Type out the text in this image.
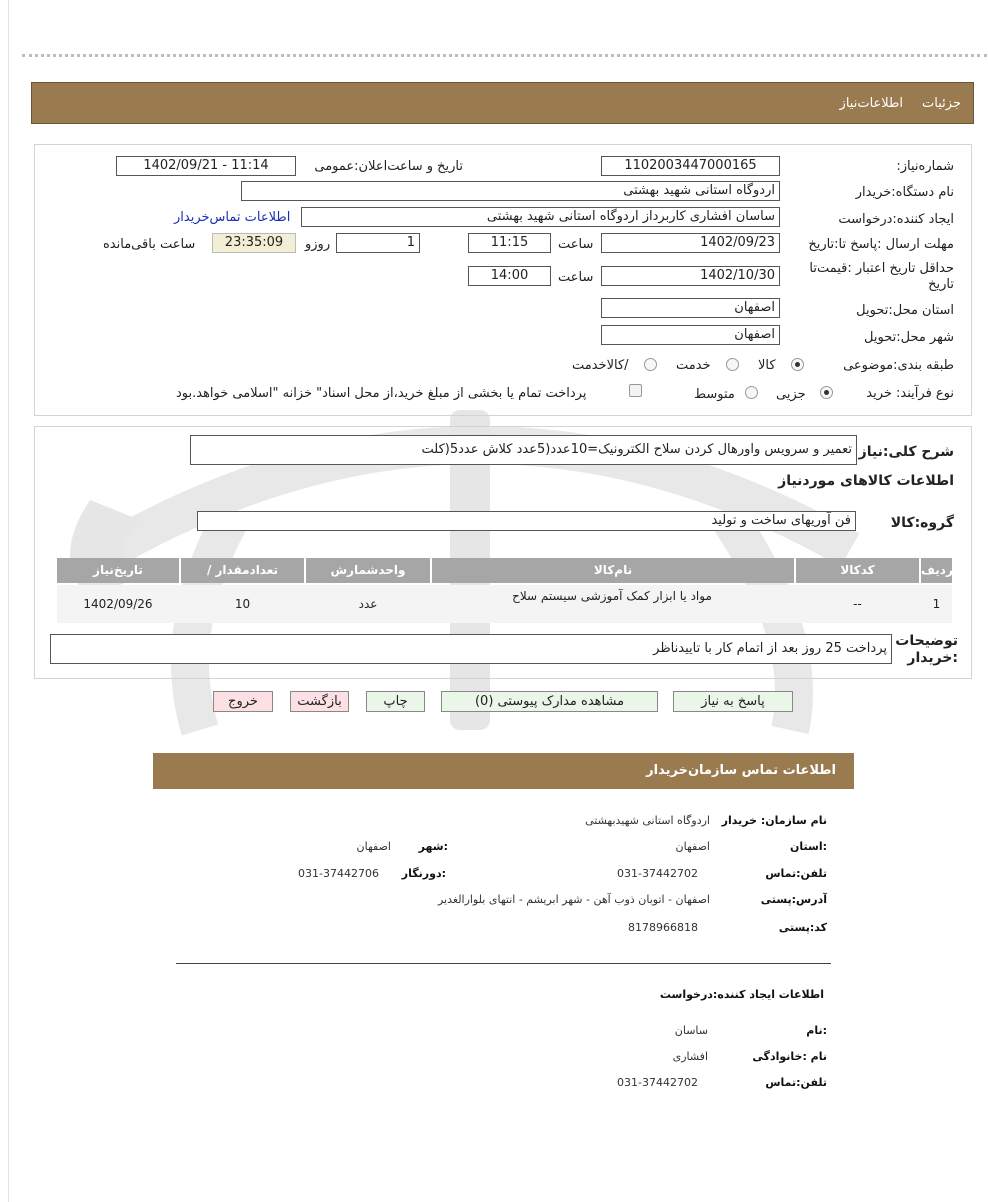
جزئیات
اطلاعات‌نیاز
شماره‌نیاز:
1102003447000165
تاریخ و ساعت‌اعلان:عمومی
1402/09/21 - 11:14
نام دستگاه:خریدار
اردوگاه استانی شهید بهشتی
ایجاد کننده:درخواست
ساسان افشاری کاربرداز اردوگاه استانی شهید بهشتی
اطلاعات تماس‌خریدار
مهلت ارسال :پاسخ تا:تاریخ
1402/09/23
ساعت
11:15
1
روزو
23:35:09
ساعت باقی‌مانده
حداقل تاریخ اعتبار :قیمت‌تا تاریخ
1402/10/30
ساعت
14:00
استان محل:تحویل
اصفهان
شهر محل:تحویل
اصفهان
طبقه بندی:موضوعی
کالا
خدمت
/کالاخدمت
نوع فرآیند: خرید
جزیی
متوسط
پرداخت تمام یا بخشی از مبلغ خرید،از محل اسناد" خزانه "اسلامی خواهد.بود
شرح کلی:نیاز
تعمیر و سرویس واورهال کردن سلاح الکترونیک=10عدد(5عدد کلاش عدد5(کلت
اطلاعات کالاهای موردنیاز
گروه:کالا
فن آوریهای ساخت و تولید
ردیف
کدکالا
نام‌کالا
واحدشمارش
/ تعدادمقدار
تاریخ‌نیاز
1
--
مواد یا ابزار کمک آموزشی سیستم سلاح
عدد
10
1402/09/26
توضیحات :خریدار
پرداخت 25 روز بعد از اتمام کار با تاییدناظر
پاسخ به نیاز
مشاهده مدارک پیوستی (0)
چاپ
بازگشت
خروج
اطلاعات تماس سازمان‌خریدار
نام سازمان: خریدار
اردوگاه استانی شهیدبهشتی
:استان
اصفهان
:شهر
اصفهان
تلفن:تماس
031-37442702
:دورنگار
031-37442706
آدرس:پستی
اصفهان - اتوبان ذوب آهن - شهر ابریشم - انتهای بلوارالغدیر
کد:پستی
8178966818
اطلاعات ایجاد کننده:درخواست
:نام
ساسان
نام :خانوادگی
افشاری
تلفن:تماس
031-37442702
